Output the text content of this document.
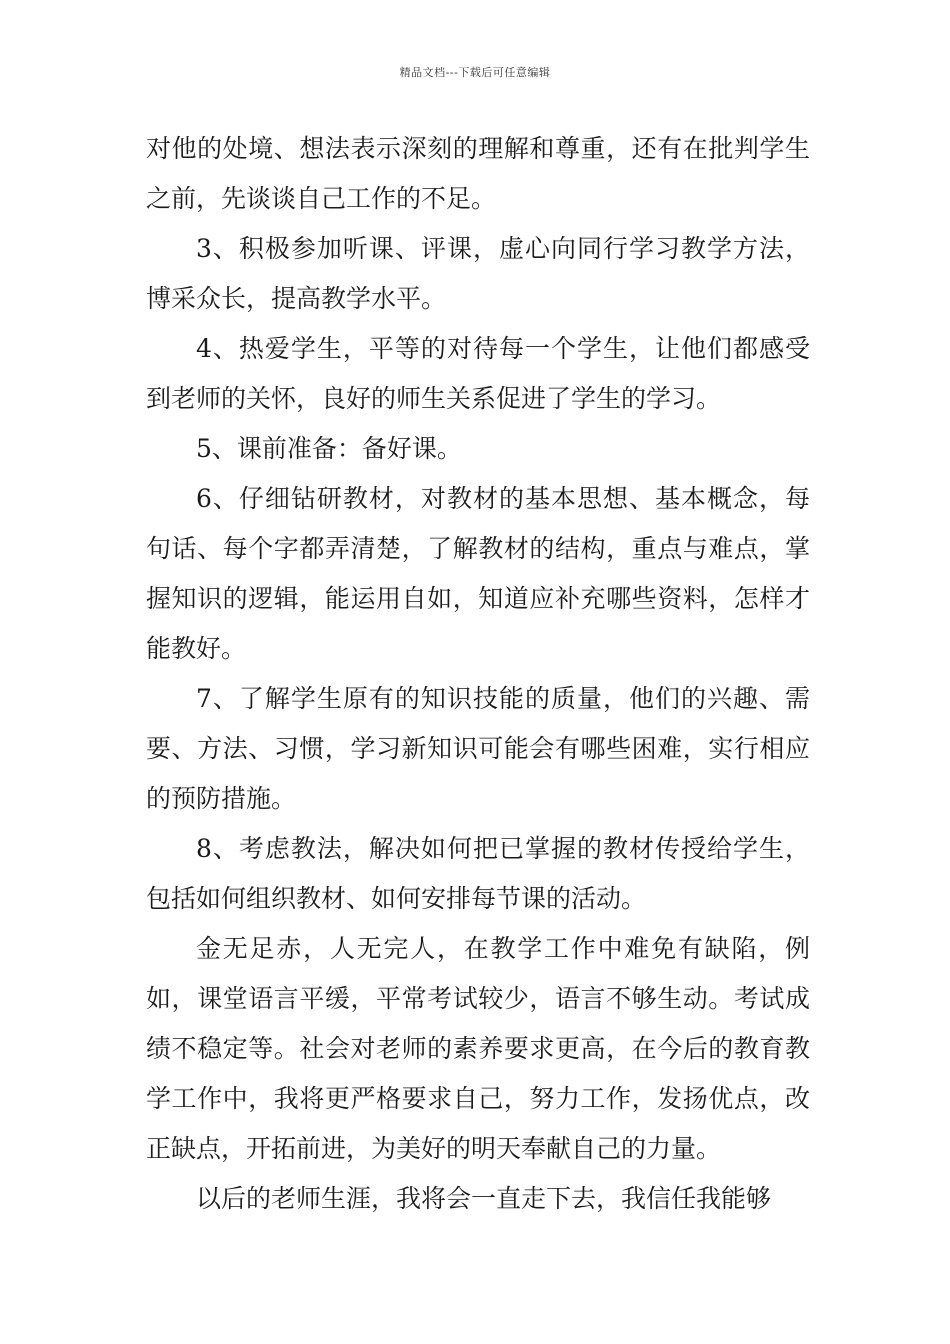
精品文档---下载后可任意编辑

对他的处境、想法表示深刻的理解和尊重，还有在批判学生之前，先谈谈自己工作的不足。

3、积极参加听课、评课，虚心向同行学习教学方法，博采众长，提高教学水平。

4、热爱学生，平等的对待每一个学生，让他们都感受到老师的关怀，良好的师生关系促进了学生的学习。

5、课前准备：备好课。

6、仔细钻研教材，对教材的基本思想、基本概念，每句话、每个字都弄清楚，了解教材的结构，重点与难点，掌握知识的逻辑，能运用自如，知道应补充哪些资料，怎样才能教好。

7、了解学生原有的知识技能的质量，他们的兴趣、需要、方法、习惯，学习新知识可能会有哪些困难，实行相应的预防措施。

8、考虑教法，解决如何把已掌握的教材传授给学生，包括如何组织教材、如何安排每节课的活动。

金无足赤，人无完人，在教学工作中难免有缺陷，例如，课堂语言平缓，平常考试较少，语言不够生动。考试成绩不稳定等。社会对老师的素养要求更高，在今后的教育教学工作中，我将更严格要求自己，努力工作，发扬优点，改正缺点，开拓前进，为美好的明天奉献自己的力量。

以后的老师生涯，我将会一直走下去，我信任我能够
